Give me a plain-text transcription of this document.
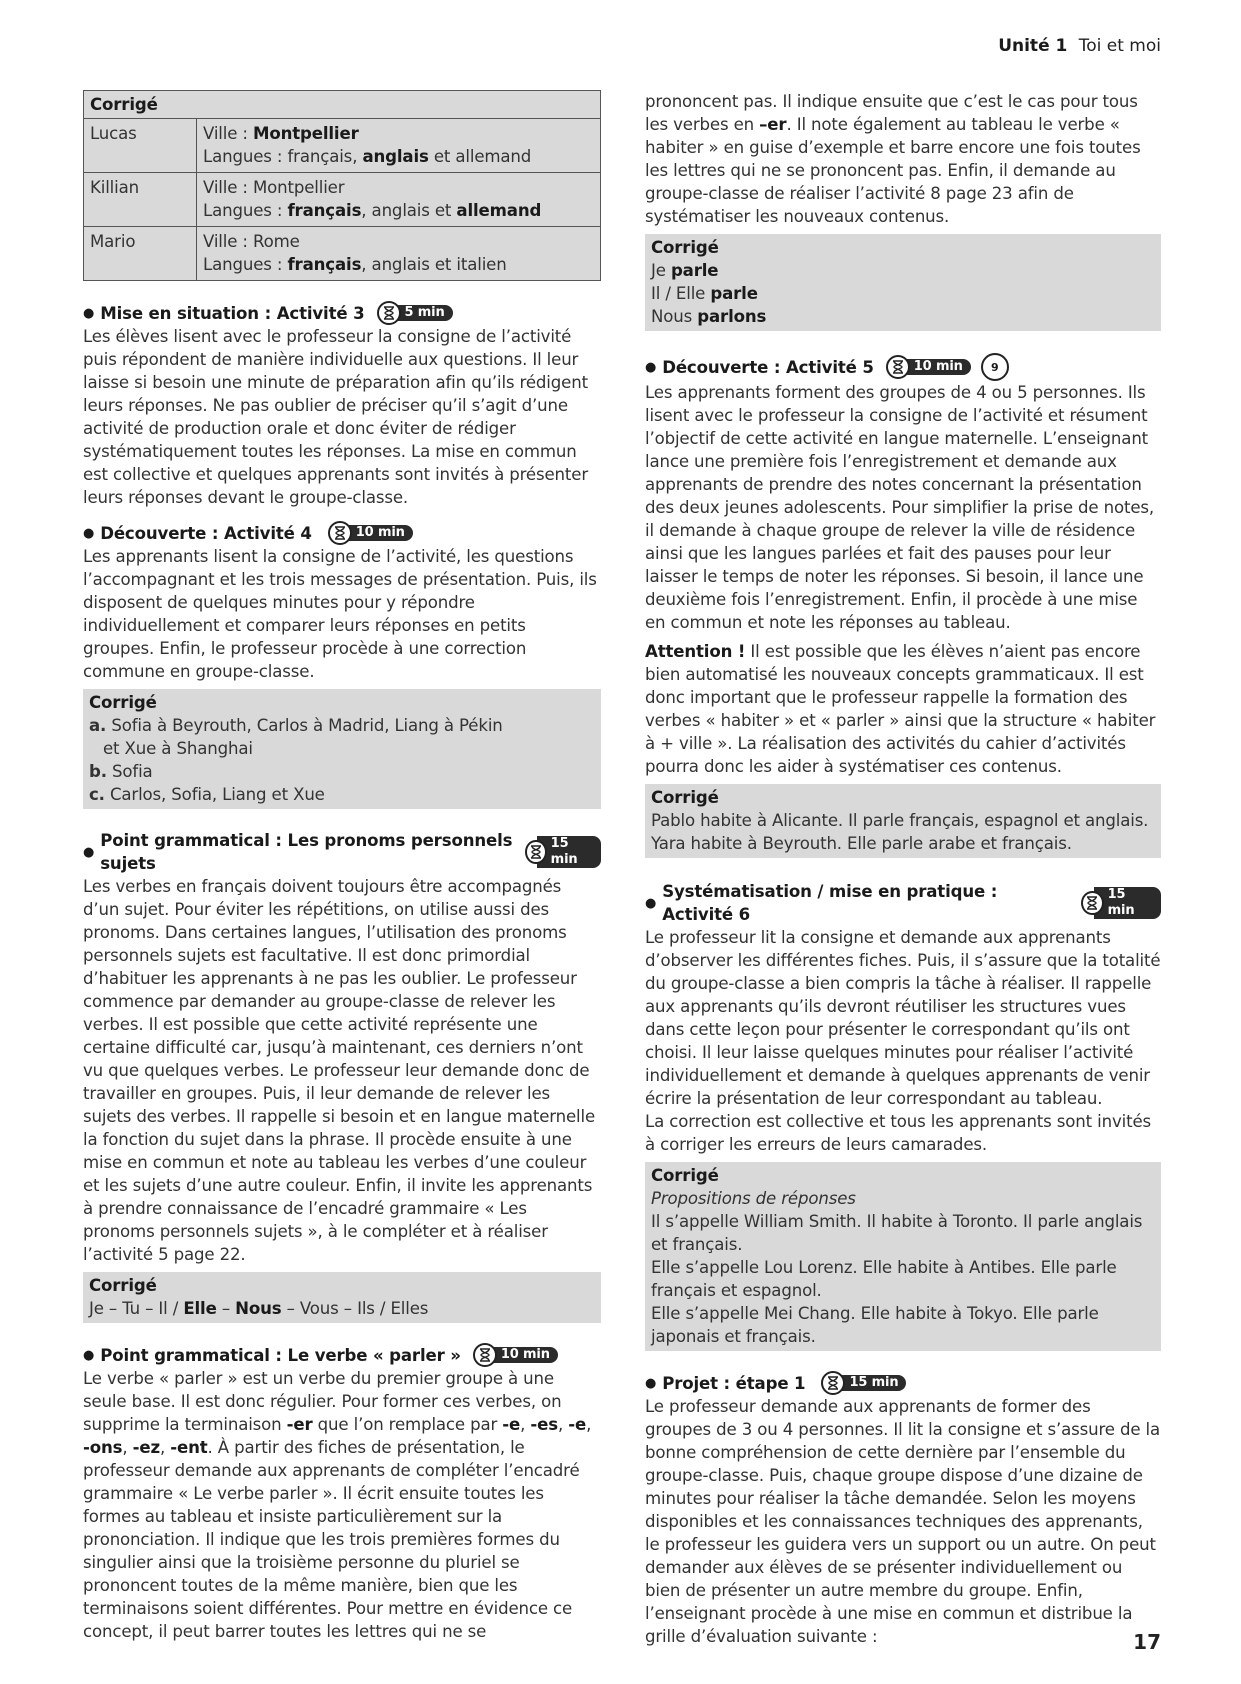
Unité 1 Toi et moi
Corrigé
Lucas	Ville : Montpellier
Langues : français, anglais et allemand
Killian	Ville : Montpellier
Langues : français, anglais et allemand
Mario	Ville : Rome
Langues : français, anglais et italien
● Mise en situation : Activité 3	5 min

Les élèves lisent avec le professeur la consigne de l’activité puis répondent de manière individuelle aux questions. Il leur laisse si besoin une minute de préparation afin qu’ils rédigent leurs réponses. Ne pas oublier de préciser qu’il s’agit d’une activité de production orale et donc éviter de rédiger systématiquement toutes les réponses. La mise en commun est collective et quelques apprenants sont invités à présenter leurs réponses devant le groupe-classe.

● Découverte : Activité 4	10 min

Les apprenants lisent la consigne de l’activité, les questions l’accompagnant et les trois messages de présentation. Puis, ils disposent de quelques minutes pour y répondre individuellement et comparer leurs réponses en petits groupes. Enfin, le professeur procède à une correction commune en groupe-classe.

Corrigé
a. Sofia à Beyrouth, Carlos à Madrid, Liang à Pékin
et Xue à Shanghai
b. Sofia
c. Carlos, Sofia, Liang et Xue
●
Point grammatical : Les pronoms personnels sujets
15 min

Les verbes en français doivent toujours être accompagnés d’un sujet. Pour éviter les répétitions, on utilise aussi des pronoms. Dans certaines langues, l’utilisation des pronoms personnels sujets est facultative. Il est donc primordial d’habituer les apprenants à ne pas les oublier. Le professeur commence par demander au groupe-classe de relever les verbes. Il est possible que cette activité représente une certaine difficulté car, jusqu’à maintenant, ces derniers n’ont vu que quelques verbes. Le professeur leur demande donc de travailler en groupes. Puis, il leur demande de relever les sujets des verbes. Il rappelle si besoin et en langue maternelle la fonction du sujet dans la phrase. Il procède ensuite à une mise en commun et note au tableau les verbes d’une couleur et les sujets d’une autre couleur. Enfin, il invite les apprenants à prendre connaissance de l’encadré grammaire « Les pronoms personnels sujets », à le compléter et à réaliser l’activité 5 page 22.

Corrigé
Je – Tu – Il / Elle – Nous – Vous – Ils / Elles
● Point grammatical : Le verbe « parler »	10 min

Le verbe « parler » est un verbe du premier groupe à une seule base. Il est donc régulier. Pour former ces verbes, on supprime la terminaison -er que l’on remplace par -e, -es, -e, -ons, -ez, -ent. À partir des fiches de présentation, le professeur demande aux apprenants de compléter l’encadré grammaire « Le verbe parler ». Il écrit ensuite toutes les formes au tableau et insiste particulièrement sur la prononciation. Il indique que les trois premières formes du singulier ainsi que la troisième personne du pluriel se prononcent toutes de la même manière, bien que les terminaisons soient différentes. Pour mettre en évidence ce concept, il peut barrer toutes les lettres qui ne se

prononcent pas. Il indique ensuite que c’est le cas pour tous les verbes en –er. Il note également au tableau le verbe « habiter » en guise d’exemple et barre encore une fois toutes les lettres qui ne se prononcent pas. Enfin, il demande au groupe-classe de réaliser l’activité 8 page 23 afin de systématiser les nouveaux contenus.

Corrigé
Je parle
Il / Elle parle
Nous parlons
● Découverte : Activité 5	10 min	9

Les apprenants forment des groupes de 4 ou 5 personnes. Ils lisent avec le professeur la consigne de l’activité et résument l’objectif de cette activité en langue maternelle. L’enseignant lance une première fois l’enregistrement et demande aux apprenants de prendre des notes concernant la présentation des deux jeunes adolescents. Pour simplifier la prise de notes, il demande à chaque groupe de relever la ville de résidence ainsi que les langues parlées et fait des pauses pour leur laisser le temps de noter les réponses. Si besoin, il lance une deuxième fois l’enregistrement. Enfin, il procède à une mise en commun et note les réponses au tableau.

Attention ! Il est possible que les élèves n’aient pas encore bien automatisé les nouveaux concepts grammaticaux. Il est donc important que le professeur rappelle la formation des verbes « habiter » et « parler » ainsi que la structure « habiter à + ville ». La réalisation des activités du cahier d’activités pourra donc les aider à systématiser ces contenus.

Corrigé
Pablo habite à Alicante. Il parle français, espagnol et anglais.
Yara habite à Beyrouth. Elle parle arabe et français.
●
Systématisation / mise en pratique : Activité 6
15 min

Le professeur lit la consigne et demande aux apprenants d’observer les différentes fiches. Puis, il s’assure que la totalité du groupe-classe a bien compris la tâche à réaliser. Il rappelle aux apprenants qu’ils devront réutiliser les structures vues dans cette leçon pour présenter le correspondant qu’ils ont choisi. Il leur laisse quelques minutes pour réaliser l’activité individuellement et demande à quelques apprenants de venir écrire la présentation de leur correspondant au tableau.

La correction est collective et tous les apprenants sont invités à corriger les erreurs de leurs camarades.

Corrigé
Propositions de réponses
Il s’appelle William Smith. Il habite à Toronto. Il parle anglais et français.
Elle s’appelle Lou Lorenz. Elle habite à Antibes. Elle parle français et espagnol.
Elle s’appelle Mei Chang. Elle habite à Tokyo. Elle parle japonais et français.
● Projet : étape 1	15 min

Le professeur demande aux apprenants de former des groupes de 3 ou 4 personnes. Il lit la consigne et s’assure de la bonne compréhension de cette dernière par l’ensemble du groupe-classe. Puis, chaque groupe dispose d’une dizaine de minutes pour réaliser la tâche demandée. Selon les moyens disponibles et les connaissances techniques des apprenants, le professeur les guidera vers un support ou un autre. On peut demander aux élèves de se présenter individuellement ou bien de présenter un autre membre du groupe. Enfin, l’enseignant procède à une mise en commun et distribue la grille d’évaluation suivante :	17
